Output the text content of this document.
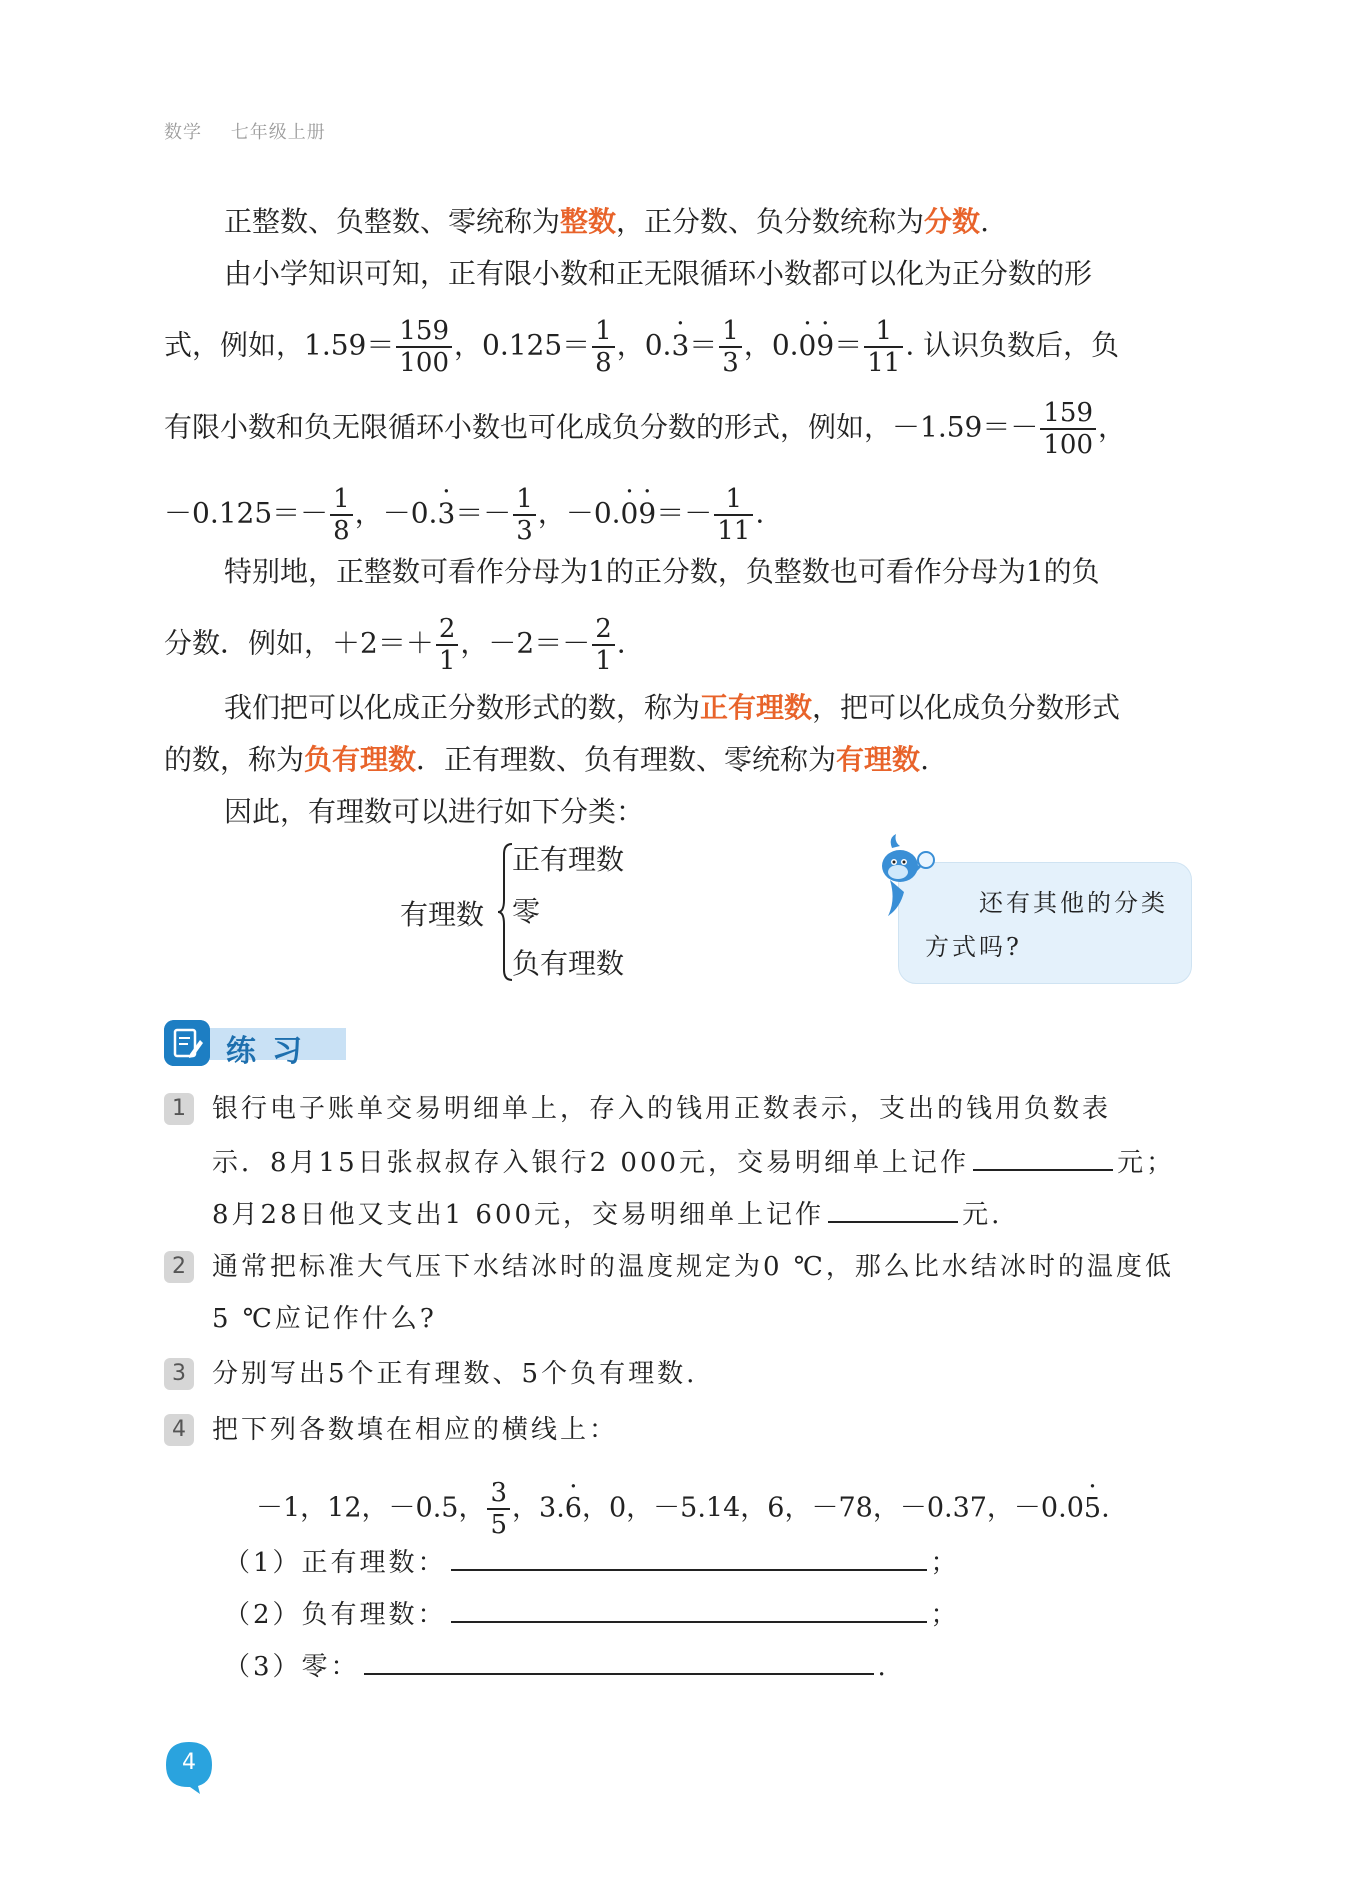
数学 七年级上册
正整数、负整数、零统称为整数，正分数、负分数统称为分数.
由小学知识可知，正有限小数和正无限循环小数都可以化为正分数的形
式，例如，$1.59= \frac{159}{100}$ ，$0.125= \frac{1}{8}$ ，$0.\cdot 3= \frac{1}{3}$ ，$0.\cdot 0\cdot 9= \frac{1}{11}$ . 认识负数后，负
有限小数和负无限循环小数也可化成负分数的形式，例如，$-1.59=- \frac{159}{100}$ ，
$-0.125=- \frac{1}{8}$ ，$-0.\cdot 3=- \frac{1}{3}$ ，$-0.\cdot 0\cdot 9=- \frac{1}{11}$ .
特别地，正整数可看作分母为1的正分数，负整数也可看作分母为1的负
分数．例如，$+2=+ \frac{2}{1}$ ，$-2=- \frac{2}{1}$ .
我们把可以化成正分数形式的数，称为正有理数，把可以化成负分数形式
的数，称为负有理数．正有理数、负有理数、零统称为有理数.
因此，有理数可以进行如下分类：
有理数
正有理数
零
负有理数
还有其他的分类
方式吗?
练习
1	银行电子账单交易明细单上，存入的钱用正数表示，支出的钱用负数表
示．8月15日张叔叔存入银行2 000元，交易明细单上记作	元；
8月28日他又支出1 600元，交易明细单上记作	元.
2	通常把标准大气压下水结冰时的温度规定为0 ℃，那么比水结冰时的温度低
5 ℃应记作什么?
3	分别写出5个正有理数、5个负有理数.
4	把下列各数填在相应的横线上：
－1，12，－0.5， $\frac{3}{5}$ ，3.· 6，0，－5.14，6，－78，－0.37，－0.0· 5.
（1）正有理数：	；
（2）负有理数：	；
（3）零：	.
4
